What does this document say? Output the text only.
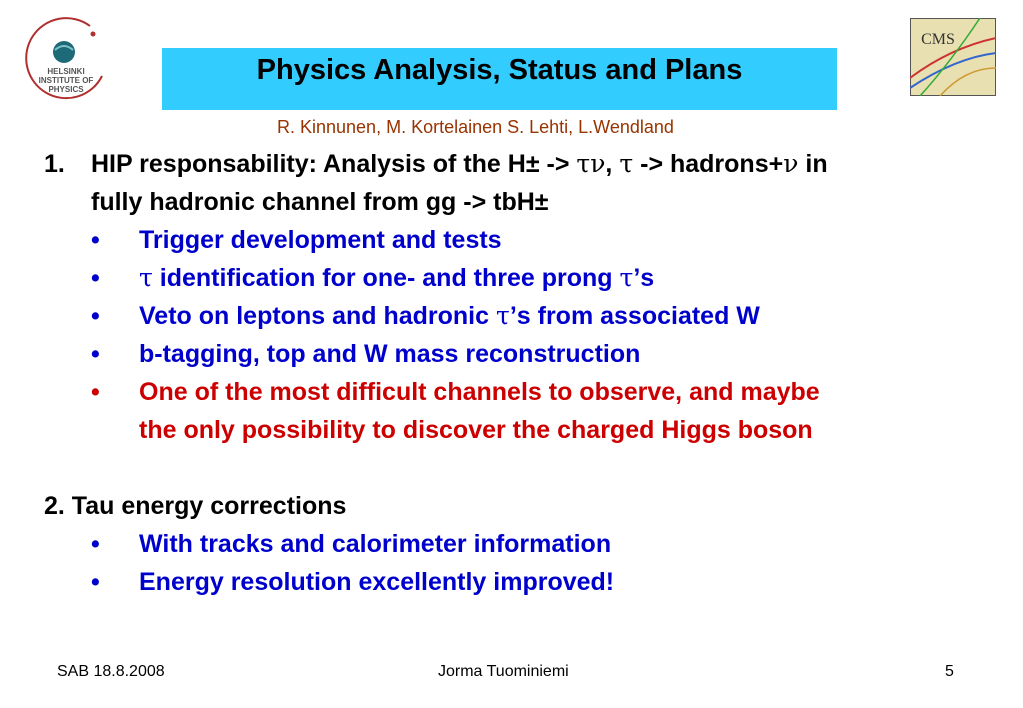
HELSINKI
INSTITUTE OF
PHYSICS
Physics Analysis, Status and Plans
CMS
R. Kinnunen, M. Kortelainen S. Lehti, L.Wendland
1. HIP responsability: Analysis of the H± -> τν, τ -> hadrons+ν in
fully hadronic channel from gg -> tbH±
• Trigger development and tests
• τ identification for one- and three prong τ’s
• Veto on leptons and hadronic τ’s from associated W
• b-tagging, top and W mass reconstruction
• One of the most difficult channels to observe, and maybe
the only possibility to discover the charged Higgs boson
2. Tau energy corrections
• With tracks and calorimeter information
• Energy resolution excellently improved!
SAB 18.8.2008	Jorma Tuominiemi	5
